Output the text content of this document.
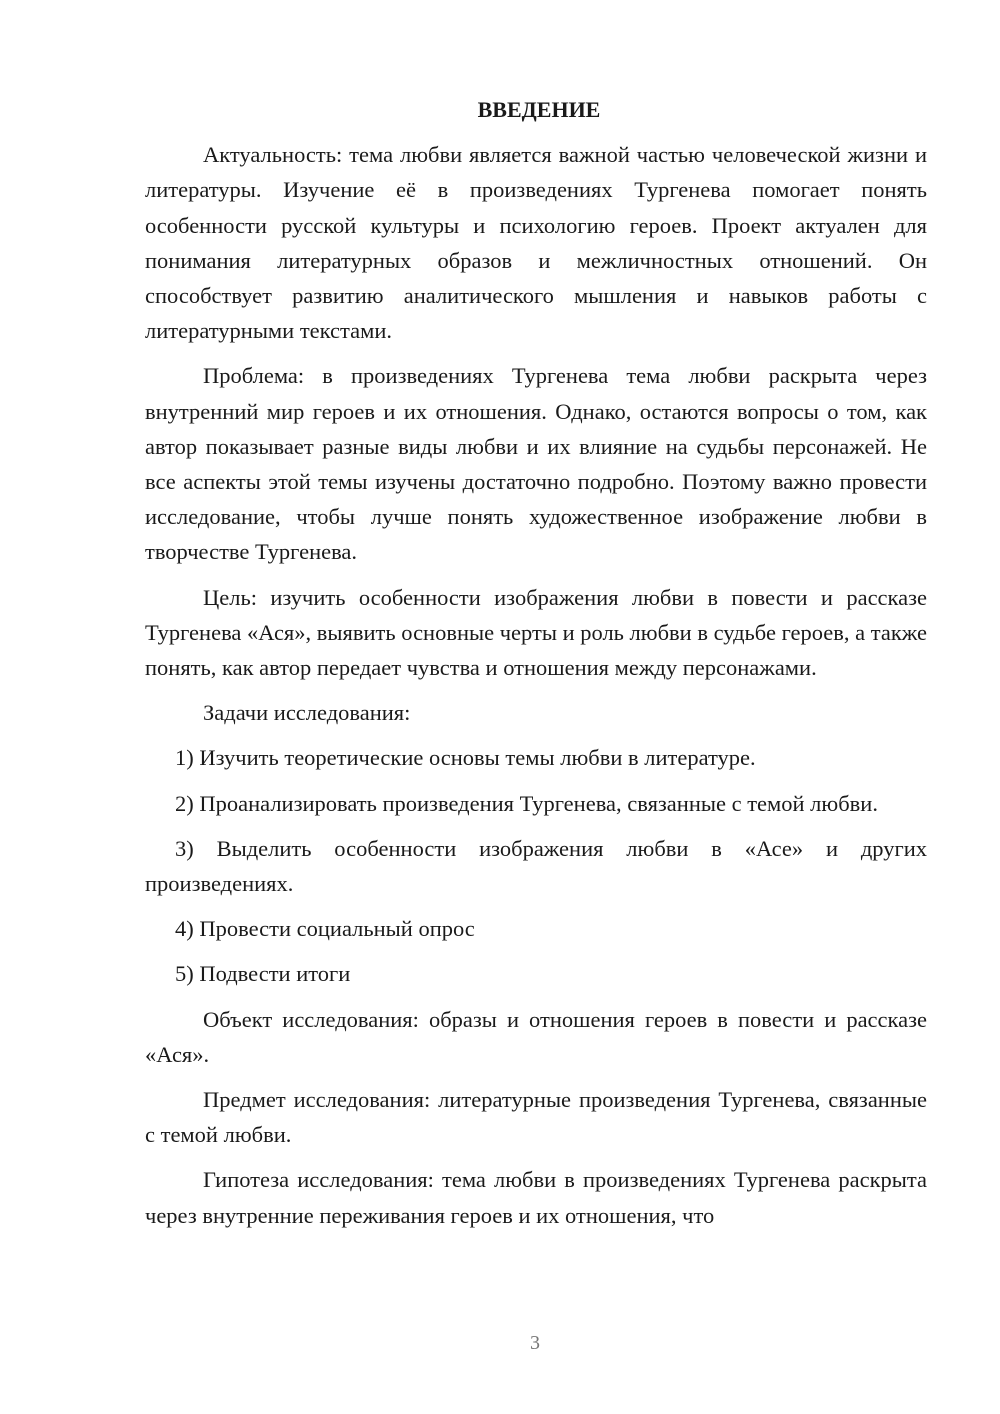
ВВЕДЕНИЕ

Актуальность: тема любви является важной частью человеческой жизни и литературы. Изучение её в произведениях Тургенева помогает понять особенности русской культуры и психологию героев. Проект актуален для понимания литературных образов и межличностных отношений. Он способствует развитию аналитического мышления и навыков работы с литературными текстами.

Проблема: в произведениях Тургенева тема любви раскрыта через внутренний мир героев и их отношения. Однако, остаются вопросы о том, как автор показывает разные виды любви и их влияние на судьбы персонажей. Не все аспекты этой темы изучены достаточно подробно. Поэтому важно провести исследование, чтобы лучше понять художественное изображение любви в творчестве Тургенева.

Цель: изучить особенности изображения любви в повести и рассказе Тургенева «Ася», выявить основные черты и роль любви в судьбе героев, а также понять, как автор передает чувства и отношения между персонажами.

Задачи исследования:

1) Изучить теоретические основы темы любви в литературе.

2) Проанализировать произведения Тургенева, связанные с темой любви.

3) Выделить особенности изображения любви в «Асе» и других произведениях.

4) Провести социальный опрос

5) Подвести итоги

Объект исследования: образы и отношения героев в повести и рассказе «Ася».

Предмет исследования: литературные произведения Тургенева, связанные с темой любви.

Гипотеза исследования: тема любви в произведениях Тургенева раскрыта через внутренние переживания героев и их отношения, что

3
